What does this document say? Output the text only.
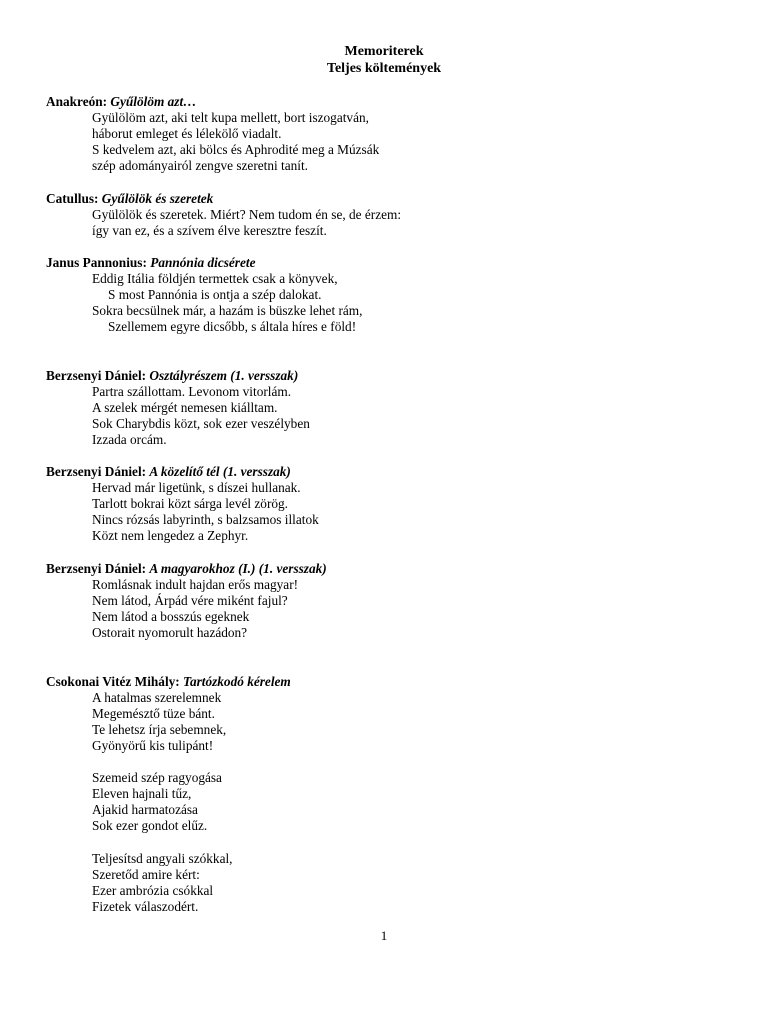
Memoriterek
Teljes költemények
Anakreón: Gyűlölöm azt…
Gyülölöm azt, aki telt kupa mellett, bort iszogatván,
háborut emleget és lélekölő viadalt.
S kedvelem azt, aki bölcs és Aphrodité meg a Múzsák
szép adományairól zengve szeretni tanít.
Catullus: Gyűlölök és szeretek
Gyülölök és szeretek. Miért? Nem tudom én se, de érzem:
így van ez, és a szívem élve keresztre feszít.
Janus Pannonius: Pannónia dicsérete
Eddig Itália földjén termettek csak a könyvek,
S most Pannónia is ontja a szép dalokat.
Sokra becsülnek már, a hazám is büszke lehet rám,
Szellemem egyre dicsőbb, s általa híres e föld!
Berzsenyi Dániel: Osztályrészem (1. versszak)
Partra szállottam. Levonom vitorlám.
A szelek mérgét nemesen kiálltam.
Sok Charybdis közt, sok ezer veszélyben
Izzada orcám.
Berzsenyi Dániel: A közelítő tél (1. versszak)
Hervad már ligetünk, s díszei hullanak.
Tarlott bokrai közt sárga levél zörög.
Nincs rózsás labyrinth, s balzsamos illatok
Közt nem lengedez a Zephyr.
Berzsenyi Dániel: A magyarokhoz (I.) (1. versszak)
Romlásnak indult hajdan erős magyar!
Nem látod, Árpád vére miként fajul?
Nem látod a bosszús egeknek
Ostorait nyomorult hazádon?
Csokonai Vitéz Mihály: Tartózkodó kérelem
A hatalmas szerelemnek
Megemésztő tüze bánt.
Te lehetsz írja sebemnek,
Gyönyörű kis tulipánt!
Szemeid szép ragyogása
Eleven hajnali tűz,
Ajakid harmatozása
Sok ezer gondot elűz.
Teljesítsd angyali szókkal,
Szeretőd amire kért:
Ezer ambrózia csókkal
Fizetek válaszodért.
1
